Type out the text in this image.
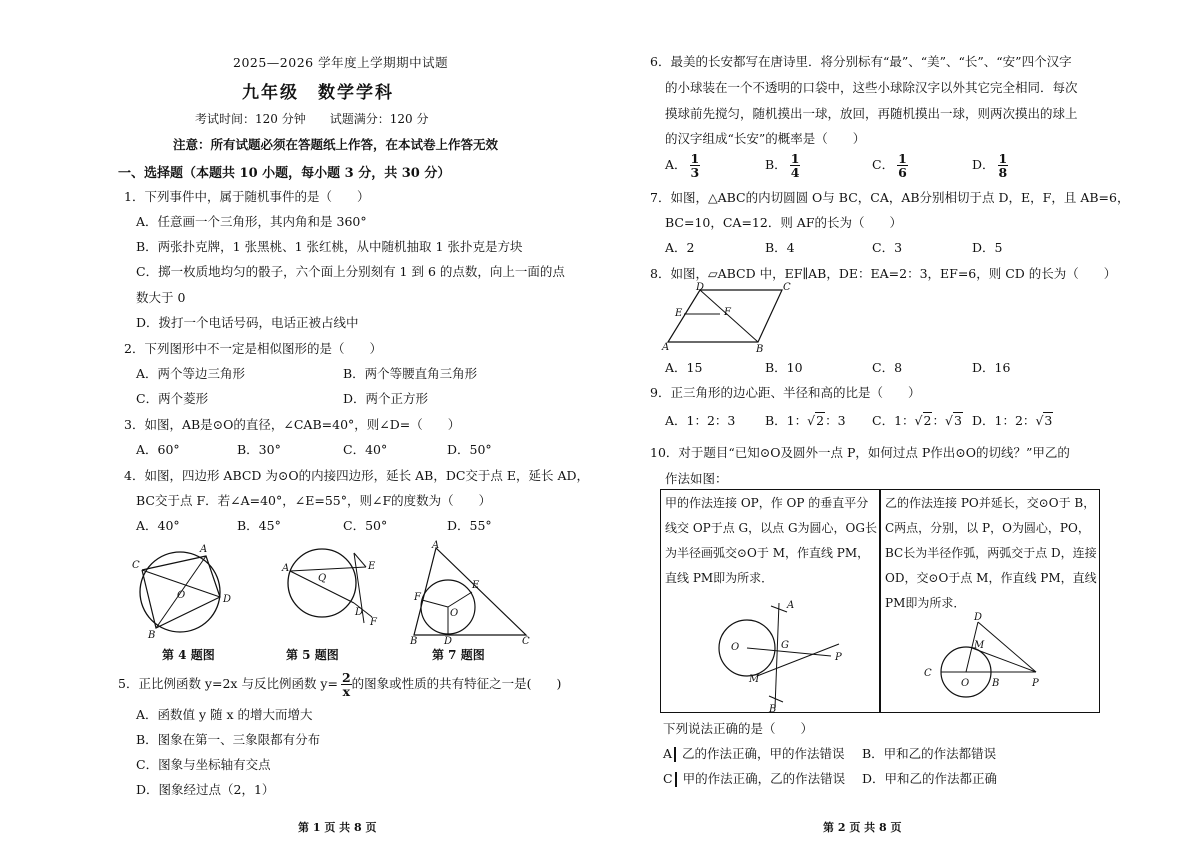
2025—2026 学年度上学期期中试题
九年级　数学学科
考试时间：120 分钟　　试题满分：120 分
注意：所有试题必须在答题纸上作答，在本试卷上作答无效
一、选择题（本题共 10 小题，每小题 3 分，共 30 分）
1．下列事件中，属于随机事件的是（　　）
A．任意画一个三角形，其内角和是 360°
B．两张扑克牌，1 张黑桃、1 张红桃，从中随机抽取 1 张扑克是方块
C．掷一枚质地均匀的骰子，六个面上分别刻有 1 到 6 的点数，向上一面的点
数大于 0
D．拨打一个电话号码，电话正被占线中
2．下列图形中不一定是相似图形的是（　　）
A．两个等边三角形	B．两个等腰直角三角形
C．两个菱形	D．两个正方形
3．如图，AB是⊙O的直径，∠CAB=40°，则∠D=（　　）
A．60°	B．30°	C．40°	D．50°
4．如图，四边形 ABCD 为⊙O的内接四边形，延长 AB，DC交于点 E，延长 AD，
BC交于点 F．若∠A=40°，∠E=55°，则∠F的度数为（　　）
A．40°	B．45°	C．50°	D．55°
C
A
D
B
O
A
Q
E
D
F
A
B	D	C
E
F
O
第 4 题图	第 5 题图	第 7 题图
5．正比例函数 y=2x 与反比例函数 $y= \frac{2}{x}$ 的图象或性质的共有特征之一是(　　)
A．函数值 y 随 x 的增大而增大
B．图象在第一、三象限都有分布
C．图象与坐标轴有交点
D．图象经过点（2，1）
第 1 页 共 8 页
6．最美的长安都写在唐诗里．将分别标有“最”、“美”、“长”、“安”四个汉字
的小球装在一个不透明的口袋中，这些小球除汉字以外其它完全相同．每次
摸球前先搅匀，随机摸出一球，放回，再随机摸出一球，则两次摸出的球上
的汉字组成“长安”的概率是（　　）
A． $\frac{1}{3}$	B． $\frac{1}{4}$	C． $\frac{1}{6}$	D． $\frac{1}{8}$
7．如图，△ABC的内切圆圆 O与 BC，CA，AB分别相切于点 D，E，F，且 AB=6，
BC=10，CA=12．则 AF的长为（　　）
A．2	B．4	C．3	D．5
8．如图，▱ABCD 中，EF∥AB，DE：EA=2：3，EF=6，则 CD 的长为（　　）
D	C
E	F
A	B
A．15	B．10	C．8	D．16
9．正三角形的边心距、半径和高的比是（　　）
A．1：2：3 B．1：√2：3 C．1：√2：√3 D．1：2：√3
10．对于题目“已知⊙O及圆外一点 P，如何过点 P作出⊙O的切线？”甲乙的
作法如图：
甲的作法连接 OP，作 OP 的垂直平分线交 OP于点 G，以点 G为圆心，OG长为半径画弧交⊙O于 M，作直线 PM，直线 PM即为所求．
乙的作法连接 PO并延长，交⊙O于 B，C两点，分别，以 P，O为圆心，PO，BC长为半径作弧，两弧交于点 D，连接 OD，交⊙O于点 M，作直线 PM，直线 PM即为所求．
A
O	G
P
M
B
D
M
C
O B	P
下列说法正确的是（　　）
A 乙的作法正确，甲的作法错误 B．甲和乙的作法都错误
C 甲的作法正确，乙的作法错误 D．甲和乙的作法都正确
第 2 页 共 8 页
